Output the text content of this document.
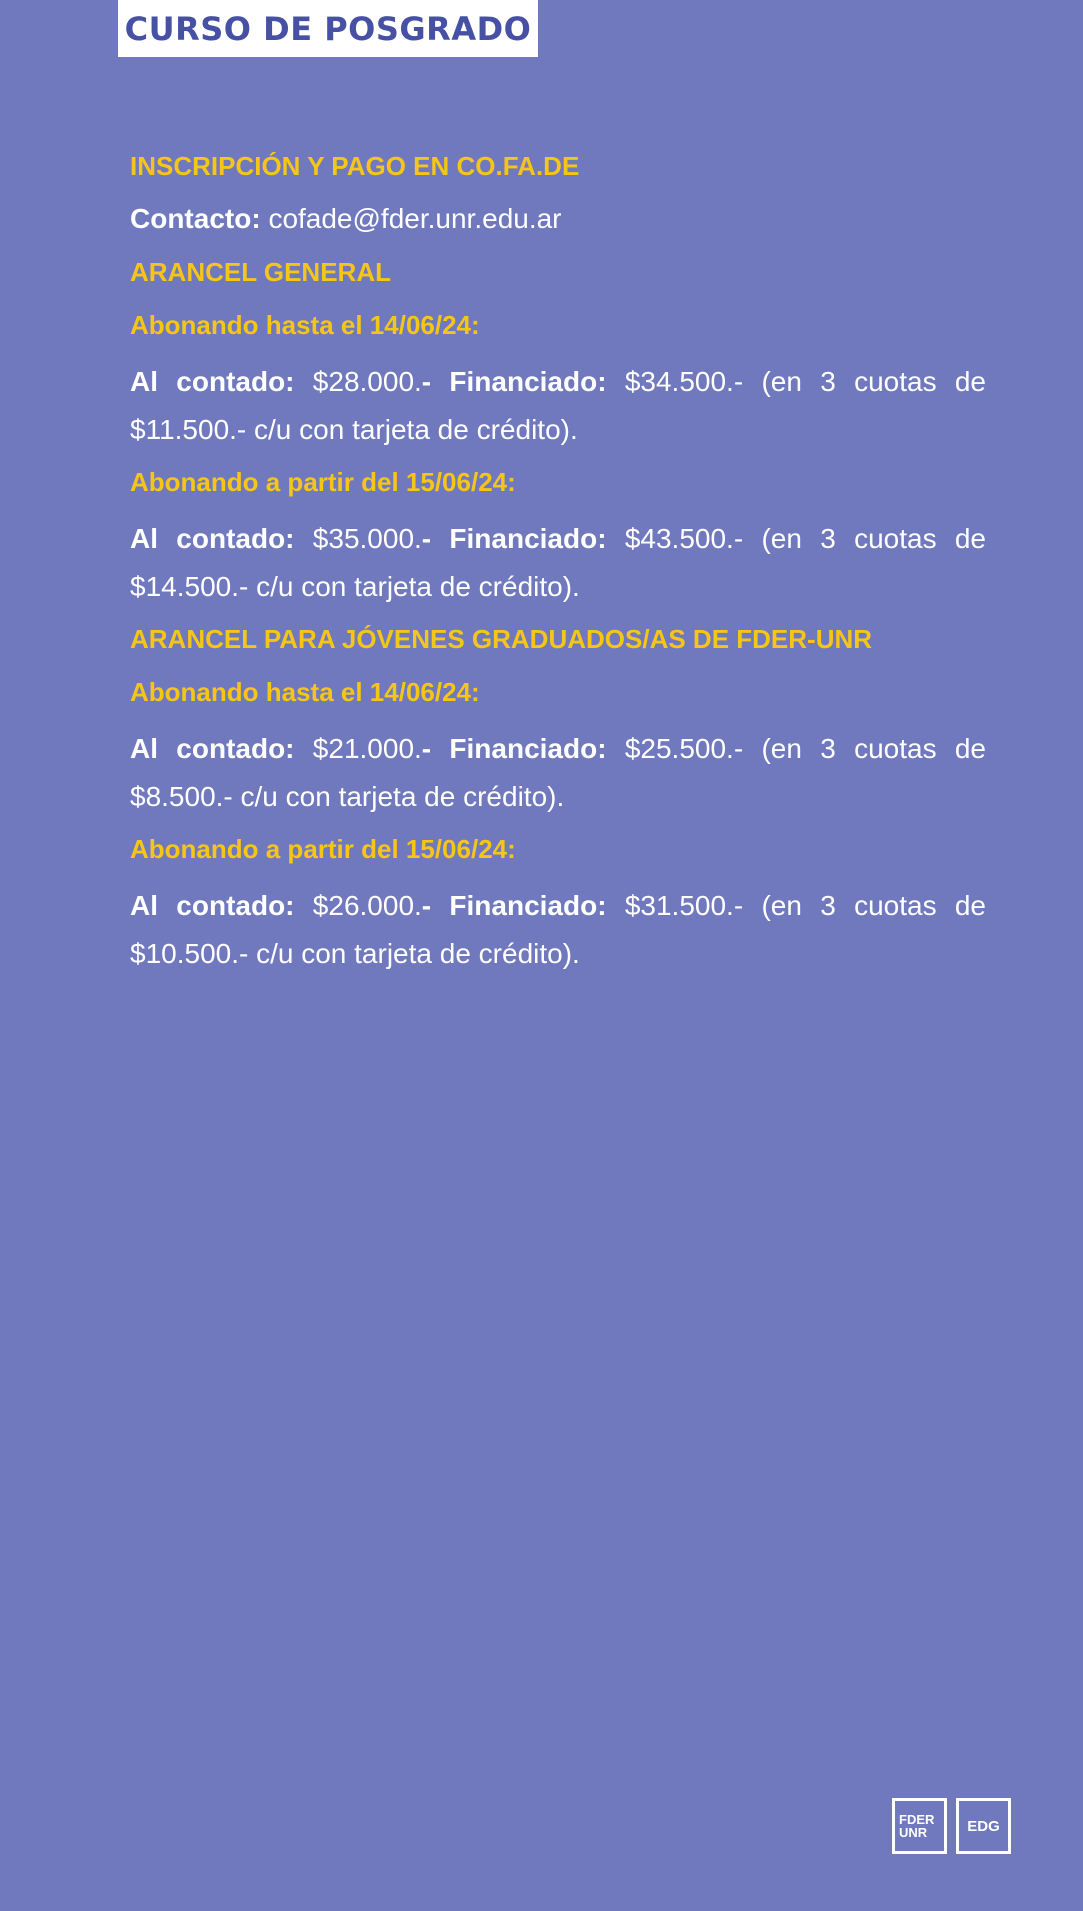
CURSO DE POSGRADO
INSCRIPCIÓN Y PAGO EN CO.FA.DE
Contacto: cofade@fder.unr.edu.ar
ARANCEL GENERAL
Abonando hasta el 14/06/24:
Al contado: $28.000.- Financiado: $34.500.- (en 3 cuotas de $11.500.- c/u con tarjeta de crédito).
Abonando a partir del 15/06/24:
Al contado: $35.000.- Financiado: $43.500.- (en 3 cuotas de $14.500.- c/u con tarjeta de crédito).
ARANCEL PARA JÓVENES GRADUADOS/AS DE FDER-UNR
Abonando hasta el 14/06/24:
Al contado: $21.000.- Financiado: $25.500.- (en 3 cuotas de $8.500.- c/u con tarjeta de crédito).
Abonando a partir del 15/06/24:
Al contado: $26.000.- Financiado: $31.500.- (en 3 cuotas de $10.500.- c/u con tarjeta de crédito).
FDER
UNR	EDG
